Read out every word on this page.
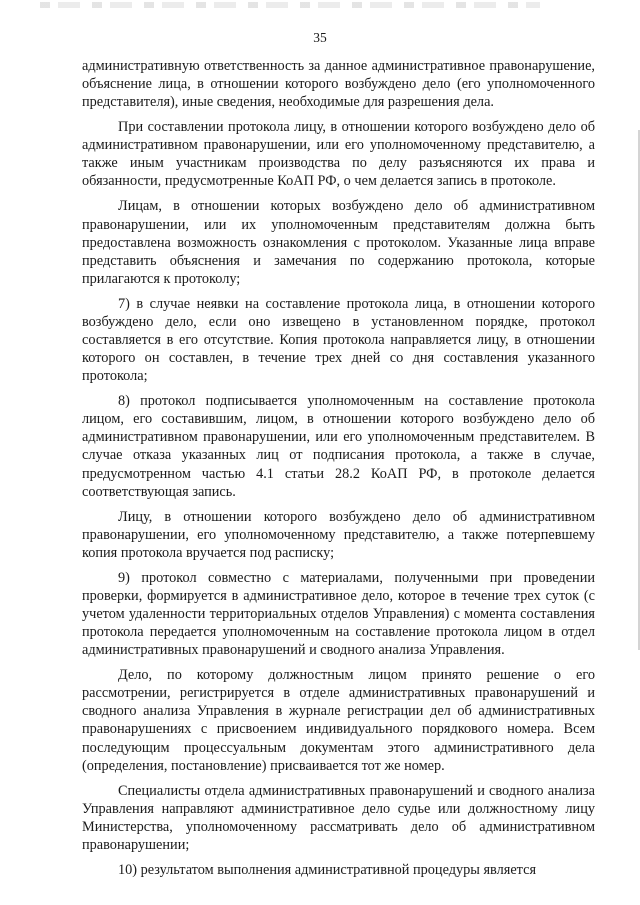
35

административную ответственность за данное административное правонарушение, объяснение лица, в отношении которого возбуждено дело (его уполномоченного представителя), иные сведения, необходимые для разрешения дела.

При составлении протокола лицу, в отношении которого возбуждено дело об административном правонарушении, или его уполномоченному представителю, а также иным участникам производства по делу разъясняются их права и обязанности, предусмотренные КоАП РФ, о чем делается запись в протоколе.

Лицам, в отношении которых возбуждено дело об административном правонарушении, или их уполномоченным представителям должна быть предоставлена возможность ознакомления с протоколом. Указанные лица вправе представить объяснения и замечания по содержанию протокола, которые прилагаются к протоколу;

7) в случае неявки на составление протокола лица, в отношении которого возбуждено дело, если оно извещено в установленном порядке, протокол составляется в его отсутствие. Копия протокола направляется лицу, в отношении которого он составлен, в течение трех дней со дня составления указанного протокола;

8) протокол подписывается уполномоченным на составление протокола лицом, его составившим, лицом, в отношении которого возбуждено дело об административном правонарушении, или его уполномоченным представителем. В случае отказа указанных лиц от подписания протокола, а также в случае, предусмотренном частью 4.1 статьи 28.2 КоАП РФ, в протоколе делается соответствующая запись.

Лицу, в отношении которого возбуждено дело об административном правонарушении, его уполномоченному представителю, а также потерпевшему копия протокола вручается под расписку;

9) протокол совместно с материалами, полученными при проведении проверки, формируется в административное дело, которое в течение трех суток (с учетом удаленности территориальных отделов Управления) с момента составления протокола передается уполномоченным на составление протокола лицом в отдел административных правонарушений и сводного анализа Управления.

Дело, по которому должностным лицом принято решение о его рассмотрении, регистрируется в отделе административных правонарушений и сводного анализа Управления в журнале регистрации дел об административных правонарушениях с присвоением индивидуального порядкового номера. Всем последующим процессуальным документам этого административного дела (определения, постановление) присваивается тот же номер.

Специалисты отдела административных правонарушений и сводного анализа Управления направляют административное дело судье или должностному лицу Министерства, уполномоченному рассматривать дело об административном правонарушении;

10) результатом выполнения административной процедуры является
